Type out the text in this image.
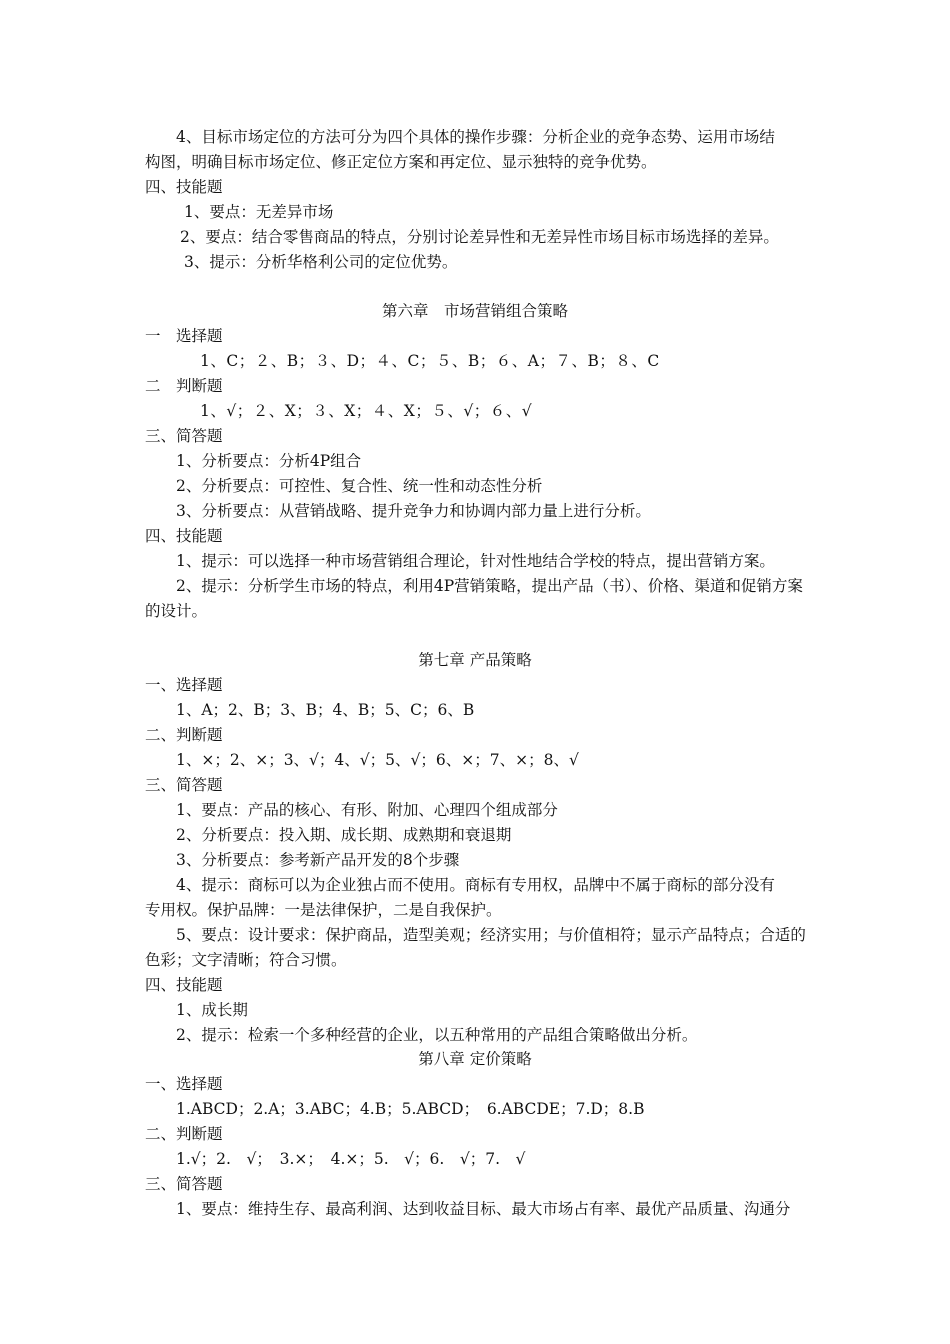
4、目标市场定位的方法可分为四个具体的操作步骤：分析企业的竞争态势、运用市场结
构图，明确目标市场定位、修正定位方案和再定位、显示独特的竞争优势。
四、技能题
1、要点：无差异市场
2、要点：结合零售商品的特点，分别讨论差异性和无差异性市场目标市场选择的差异。
3、提示：分析华格利公司的定位优势。
第六章　市场营销组合策略
一　选择题
1、C；２、B；３、D；４、C；５、B；６、A；７、B；８、C
二　判断题
1、√；２、X；３、X；４、X；５、√；６、√
三、简答题
1、分析要点：分析4P组合
2、分析要点：可控性、复合性、统一性和动态性分析
3、分析要点：从营销战略、提升竞争力和协调内部力量上进行分析。
四、技能题
1、提示：可以选择一种市场营销组合理论，针对性地结合学校的特点，提出营销方案。
2、提示：分析学生市场的特点，利用4P营销策略，提出产品（书）、价格、渠道和促销方案
的设计。
第七章 产品策略
一、选择题
1、A；2、B；3、B；4、B；5、C；6、B
二、判断题
1、×；2、×；3、√；4、√；5、√；6、×；7、×；8、√
三、简答题
1、要点：产品的核心、有形、附加、心理四个组成部分
2、分析要点：投入期、成长期、成熟期和衰退期
3、分析要点：参考新产品开发的8个步骤
4、提示：商标可以为企业独占而不使用。商标有专用权，品牌中不属于商标的部分没有
专用权。保护品牌：一是法律保护，二是自我保护。
5、要点：设计要求：保护商品，造型美观；经济实用；与价值相符；显示产品特点；合适的
色彩；文字清晰；符合习惯。
四、技能题
1、成长期
2、提示：检索一个多种经营的企业，以五种常用的产品组合策略做出分析。
第八章 定价策略
一、选择题
1.ABCD；2.A；3.ABC；4.B；5.ABCD；　6.ABCDE；7.D；8.B
二、判断题
1.√；2.　√；　3.×；　4.×；5.　√；6.　√；7.　√
三、简答题
1、要点：维持生存、最高利润、达到收益目标、最大市场占有率、最优产品质量、沟通分
